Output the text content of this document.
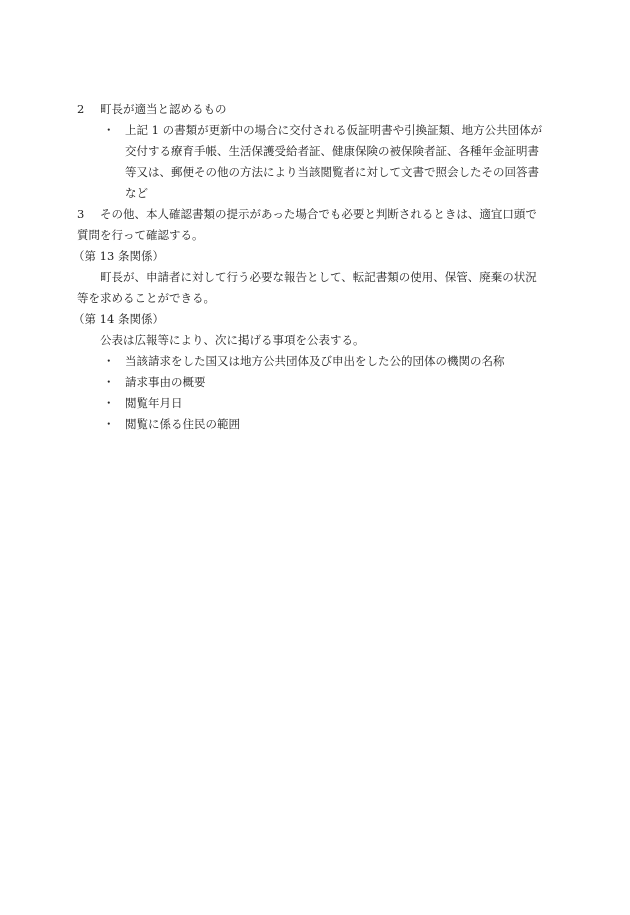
2 町長が適当と認めるもの
・ 上記 1 の書類が更新中の場合に交付される仮証明書や引換証類、地方公共団体が
交付する療育手帳、生活保護受給者証、健康保険の被保険者証、各種年金証明書
等又は、郵便その他の方法により当該閲覧者に対して文書で照会したその回答書
など
3 その他、本人確認書類の提示があった場合でも必要と判断されるときは、適宜口頭で
質問を行って確認する。
（第 13 条関係）
町長が、申請者に対して行う必要な報告として、転記書類の使用、保管、廃棄の状況
等を求めることができる。
（第 14 条関係）
公表は広報等により、次に掲げる事項を公表する。
・ 当該請求をした国又は地方公共団体及び申出をした公的団体の機関の名称
・ 請求事由の概要
・ 閲覧年月日
・ 閲覧に係る住民の範囲
